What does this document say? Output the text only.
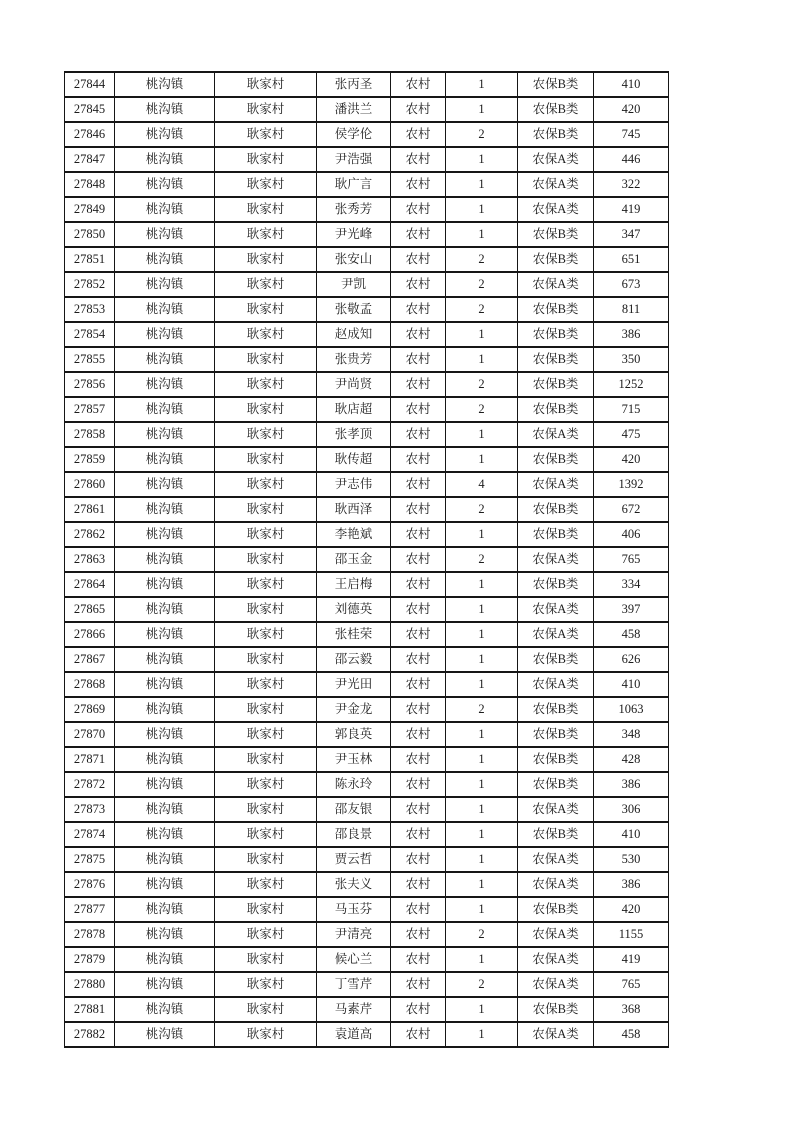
27844	桃沟镇	耿家村	张丙圣	农村	1	农保B类	410
27845	桃沟镇	耿家村	潘洪兰	农村	1	农保B类	420
27846	桃沟镇	耿家村	侯学伦	农村	2	农保B类	745
27847	桃沟镇	耿家村	尹浩强	农村	1	农保A类	446
27848	桃沟镇	耿家村	耿广言	农村	1	农保A类	322
27849	桃沟镇	耿家村	张秀芳	农村	1	农保A类	419
27850	桃沟镇	耿家村	尹光峰	农村	1	农保B类	347
27851	桃沟镇	耿家村	张安山	农村	2	农保B类	651
27852	桃沟镇	耿家村	尹凯	农村	2	农保A类	673
27853	桃沟镇	耿家村	张敬孟	农村	2	农保B类	811
27854	桃沟镇	耿家村	赵成知	农村	1	农保B类	386
27855	桃沟镇	耿家村	张贵芳	农村	1	农保B类	350
27856	桃沟镇	耿家村	尹尚贤	农村	2	农保B类	1252
27857	桃沟镇	耿家村	耿店超	农村	2	农保B类	715
27858	桃沟镇	耿家村	张孝顶	农村	1	农保A类	475
27859	桃沟镇	耿家村	耿传超	农村	1	农保B类	420
27860	桃沟镇	耿家村	尹志伟	农村	4	农保A类	1392
27861	桃沟镇	耿家村	耿西泽	农村	2	农保B类	672
27862	桃沟镇	耿家村	李艳斌	农村	1	农保B类	406
27863	桃沟镇	耿家村	邵玉金	农村	2	农保A类	765
27864	桃沟镇	耿家村	王启梅	农村	1	农保B类	334
27865	桃沟镇	耿家村	刘德英	农村	1	农保A类	397
27866	桃沟镇	耿家村	张桂荣	农村	1	农保A类	458
27867	桃沟镇	耿家村	邵云毅	农村	1	农保B类	626
27868	桃沟镇	耿家村	尹光田	农村	1	农保A类	410
27869	桃沟镇	耿家村	尹金龙	农村	2	农保B类	1063
27870	桃沟镇	耿家村	郭良英	农村	1	农保B类	348
27871	桃沟镇	耿家村	尹玉林	农村	1	农保B类	428
27872	桃沟镇	耿家村	陈永玲	农村	1	农保B类	386
27873	桃沟镇	耿家村	邵友银	农村	1	农保A类	306
27874	桃沟镇	耿家村	邵良景	农村	1	农保B类	410
27875	桃沟镇	耿家村	贾云哲	农村	1	农保A类	530
27876	桃沟镇	耿家村	张夫义	农村	1	农保A类	386
27877	桃沟镇	耿家村	马玉芬	农村	1	农保B类	420
27878	桃沟镇	耿家村	尹清亮	农村	2	农保A类	1155
27879	桃沟镇	耿家村	候心兰	农村	1	农保A类	419
27880	桃沟镇	耿家村	丁雪芹	农村	2	农保A类	765
27881	桃沟镇	耿家村	马素芹	农村	1	农保B类	368
27882	桃沟镇	耿家村	袁道高	农村	1	农保A类	458
